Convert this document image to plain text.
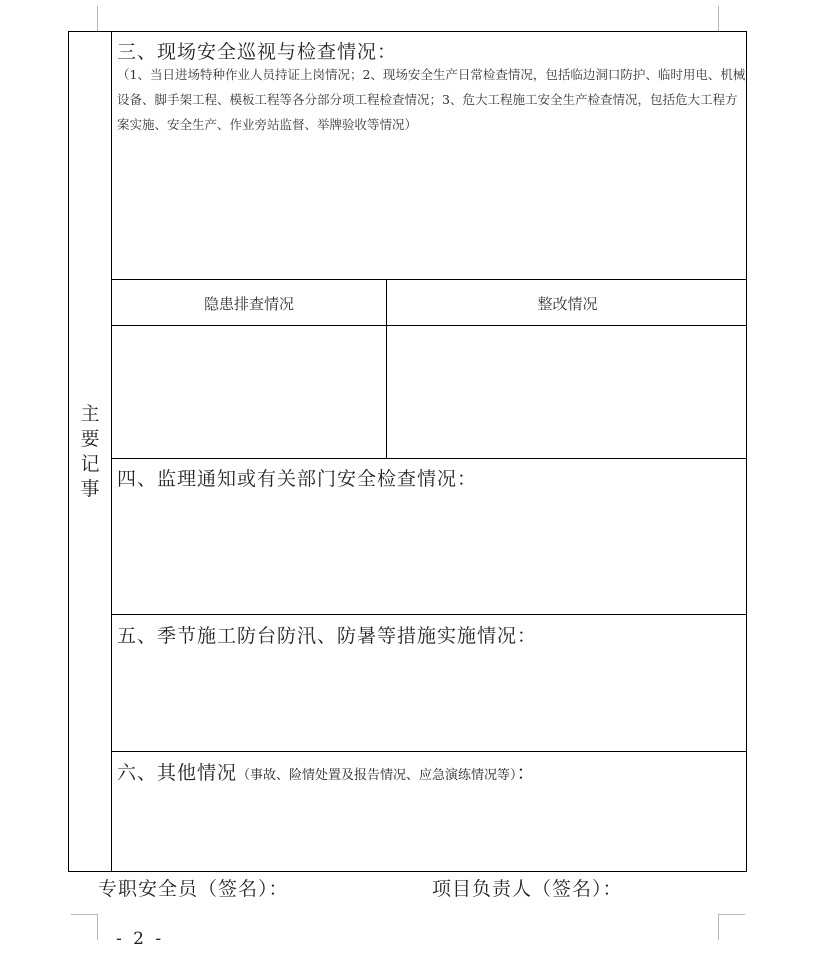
主要记事
三、现场安全巡视与检查情况：
（1、当日进场特种作业人员持证上岗情况；2、现场安全生产日常检查情况，包括临边洞口防护、临时用电、机械设备、脚手架工程、模板工程等各分部分项工程检查情况；3、危大工程施工安全生产检查情况，包括危大工程方案实施、安全生产、作业旁站监督、举牌验收等情况）
隐患排查情况	整改情况
四、监理通知或有关部门安全检查情况：
五、季节施工防台防汛、防暑等措施实施情况：
六、其他情况（事故、险情处置及报告情况、应急演练情况等）：
专职安全员（签名）：	项目负责人（签名）：
- 2 -
